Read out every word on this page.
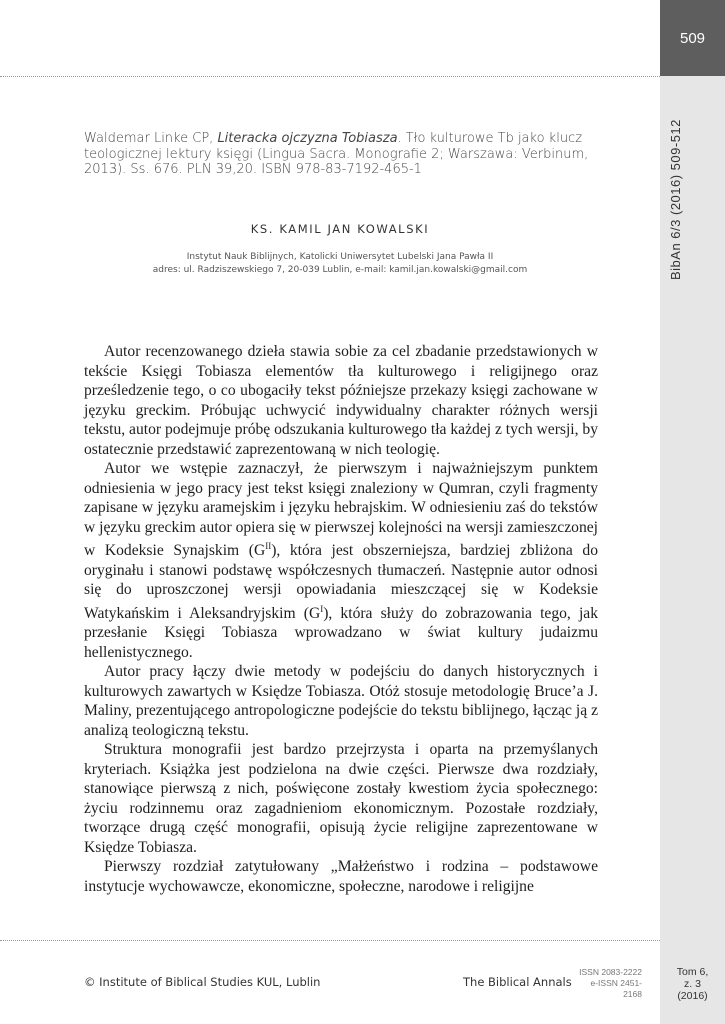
509
BibAn 6/3 (2016) 509-512
Tom 6,
z. 3
(2016)
Waldemar Linke CP, Literacka ojczyzna Tobiasza. Tło kulturowe Tb jako klucz teologicznej lektury księgi (Lingua Sacra. Monografie 2; Warszawa: Verbinum, 2013). Ss. 676. PLN 39,20. ISBN 978-83-7192-465-1
KS. KAMIL JAN KOWALSKI
Instytut Nauk Biblijnych, Katolicki Uniwersytet Lubelski Jana Pawła II
adres: ul. Radziszewskiego 7, 20-039 Lublin, e-mail: kamil.jan.kowalski@gmail.com

Autor recenzowanego dzieła stawia sobie za cel zbadanie przedstawionych w tekście Księgi Tobiasza elementów tła kulturowego i religijnego oraz prześledzenie tego, o co ubogaciły tekst późniejsze przekazy księgi zachowane w języku greckim. Próbując uchwycić indywidualny charakter różnych wersji tekstu, autor podejmuje próbę odszukania kulturowego tła każdej z tych wersji, by ostatecznie przedstawić zaprezentowaną w nich teologię.

Autor we wstępie zaznaczył, że pierwszym i najważniejszym punktem odniesienia w jego pracy jest tekst księgi znaleziony w Qumran, czyli fragmenty zapisane w języku aramejskim i języku hebrajskim. W odniesieniu zaś do tekstów w języku greckim autor opiera się w pierwszej kolejności na wersji zamieszczonej w Kodeksie Synajskim $(G^{II})$, która jest obszerniejsza, bardziej zbliżona do oryginału i stanowi podstawę współczesnych tłumaczeń. Następnie autor odnosi się do uproszczonej wersji opowiadania mieszczącej się w Kodeksie Watykańskim i Aleksandryjskim $(G^I)$, która służy do zobrazowania tego, jak przesłanie Księgi Tobiasza wprowadzano w świat kultury judaizmu hellenistycznego.

Autor pracy łączy dwie metody w podejściu do danych historycznych i kulturowych zawartych w Księdze Tobiasza. Otóż stosuje metodologię Bruce’a J. Maliny, prezentującego antropologiczne podejście do tekstu biblijnego, łącząc ją z analizą teologiczną tekstu.

Struktura monografii jest bardzo przejrzysta i oparta na przemyślanych kryteriach. Książka jest podzielona na dwie części. Pierwsze dwa rozdziały, stanowiące pierwszą z nich, poświęcone zostały kwestiom życia społecznego: życiu rodzinnemu oraz zagadnieniom ekonomicznym. Pozostałe rozdziały, tworzące drugą część monografii, opisują życie religijne zaprezentowane w Księdze Tobiasza.

Pierwszy rozdział zatytułowany „Małżeństwo i rodzina – podstawowe instytucje wychowawcze, ekonomiczne, społeczne, narodowe i religijne

© Institute of Biblical Studies KUL, Lublin	The Biblical Annals
ISSN 2083-2222
e-ISSN 2451-2168
